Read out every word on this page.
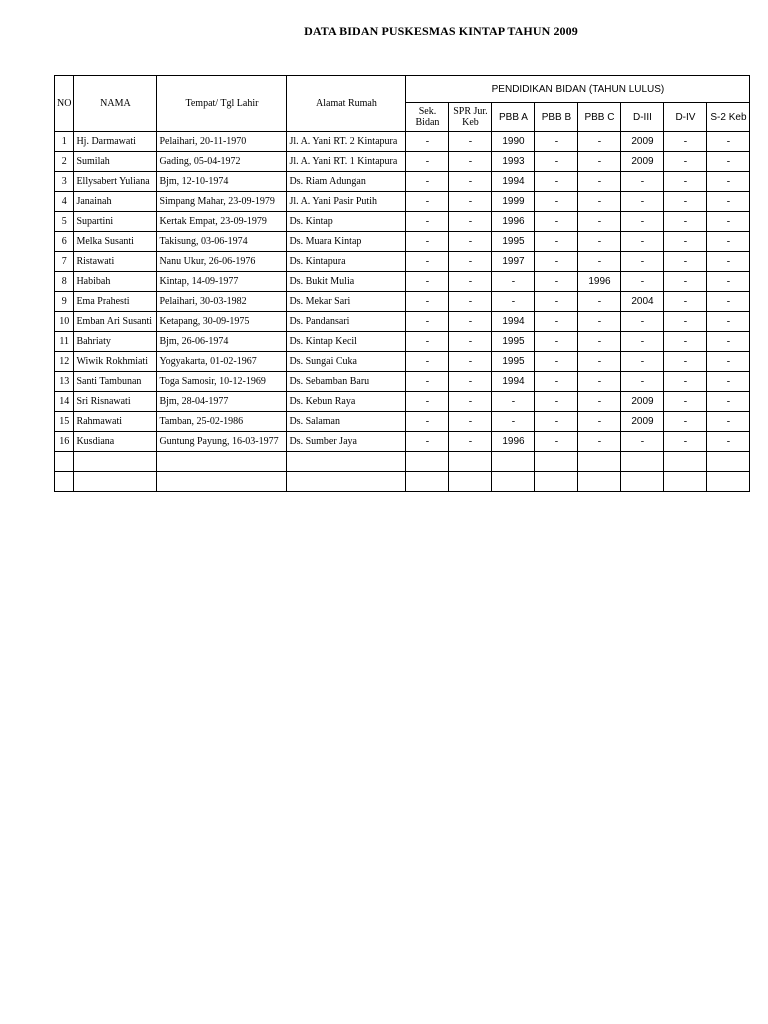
DATA BIDAN PUSKESMAS KINTAP TAHUN 2009
NO	NAMA	Tempat/ Tgl Lahir	Alamat Rumah	PENDIDIKAN BIDAN (TAHUN LULUS)							
				Sek. Bidan	SPR Jur. Keb	PBB A	PBB B	PBB C	D-III	D-IV	S-2 Keb
1	Hj. Darmawati	Pelaihari, 20-11-1970	Jl. A. Yani RT. 2 Kintapura	-	-	1990	-	-	2009	-	-
2	Sumilah	Gading, 05-04-1972	Jl. A. Yani RT. 1 Kintapura	-	-	1993	-	-	2009	-	-
3	Ellysabert Yuliana	Bjm, 12-10-1974	Ds. Riam Adungan	-	-	1994	-	-	-	-	-
4	Janainah	Simpang Mahar, 23-09-1979	Jl. A. Yani Pasir Putih	-	-	1999	-	-	-	-	-
5	Supartini	Kertak Empat, 23-09-1979	Ds. Kintap	-	-	1996	-	-	-	-	-
6	Melka Susanti	Takisung, 03-06-1974	Ds. Muara Kintap	-	-	1995	-	-	-	-	-
7	Ristawati	Nanu Ukur, 26-06-1976	Ds. Kintapura	-	-	1997	-	-	-	-	-
8	Habibah	Kintap, 14-09-1977	Ds. Bukit Mulia	-	-	-	-	1996	-	-	-
9	Ema Prahesti	Pelaihari, 30-03-1982	Ds. Mekar Sari	-	-	-	-	-	2004	-	-
10	Emban Ari Susanti	Ketapang, 30-09-1975	Ds. Pandansari	-	-	1994	-	-	-	-	-
11	Bahriaty	Bjm, 26-06-1974	Ds. Kintap Kecil	-	-	1995	-	-	-	-	-
12	Wiwik Rokhmiati	Yogyakarta, 01-02-1967	Ds. Sungai Cuka	-	-	1995	-	-	-	-	-
13	Santi Tambunan	Toga Samosir, 10-12-1969	Ds. Sebamban Baru	-	-	1994	-	-	-	-	-
14	Sri Risnawati	Bjm, 28-04-1977	Ds. Kebun Raya	-	-	-	-	-	2009	-	-
15	Rahmawati	Tamban, 25-02-1986	Ds. Salaman	-	-	-	-	-	2009	-	-
16	Kusdiana	Guntung Payung, 16-03-1977	Ds. Sumber Jaya	-	-	1996	-	-	-	-	-
